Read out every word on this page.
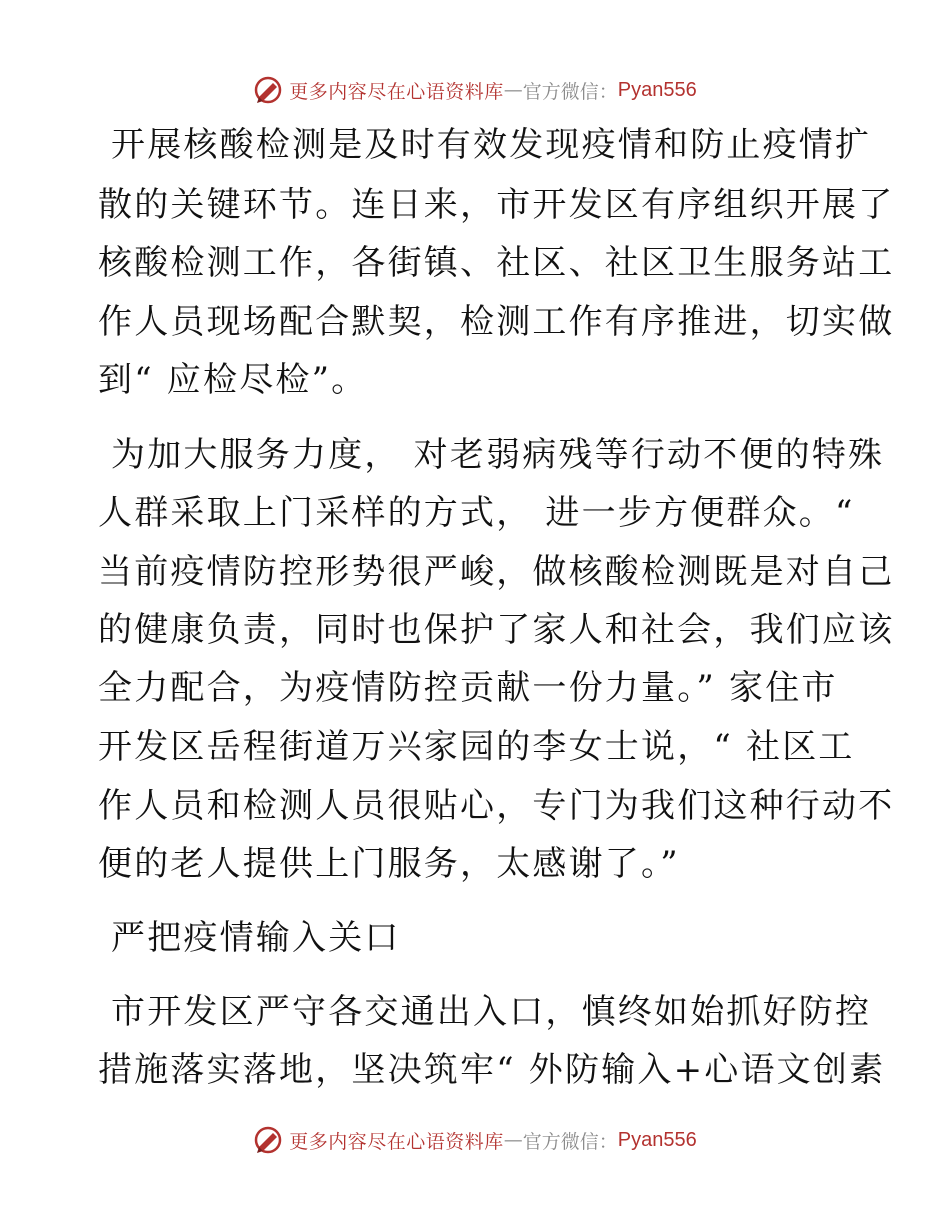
更多内容尽在心语资料库 — 官方微信： Pyan556
开展核酸检测是及时有效发现疫情和防止疫情扩
散的关键环节。连日来，市开发区有序组织开展了
核酸检测工作，各街镇、社区、社区卫生服务站工
作人员现场配合默契，检测工作有序推进，切实做
到“ 应检尽检”。
为加大服务力度， 对老弱病残等行动不便的特殊
人群采取上门采样的方式， 进一步方便群众。“
当前疫情防控形势很严峻，做核酸检测既是对自己
的健康负责，同时也保护了家人和社会，我们应该
全力配合，为疫情防控贡献一份力量。” 家住市
开发区岳程街道万兴家园的李女士说，“ 社区工
作人员和检测人员很贴心，专门为我们这种行动不
便的老人提供上门服务，太感谢了。”
严把疫情输入关口
市开发区严守各交通出入口，慎终如始抓好防控
措施落实落地，坚决筑牢“ 外防输入+心语文创素
更多内容尽在心语资料库 — 官方微信： Pyan556
